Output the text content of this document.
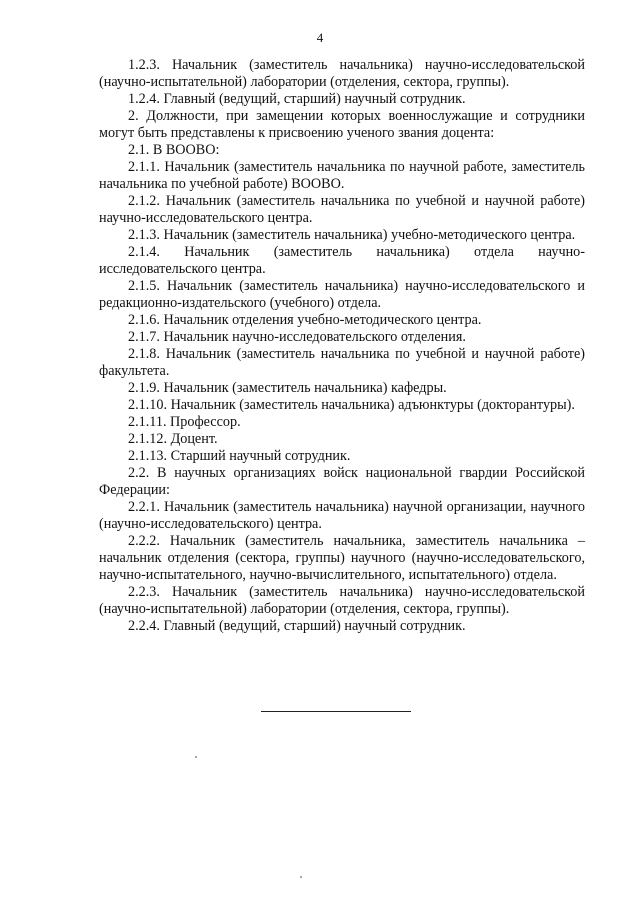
4

1.2.3. Начальник (заместитель начальника) научно-исследовательской (научно-испытательной) лаборатории (отделения, сектора, группы).

1.2.4. Главный (ведущий, старший) научный сотрудник.

2. Должности, при замещении которых военнослужащие и сотрудники могут быть представлены к присвоению ученого звания доцента:

2.1. В ВООВО:

2.1.1. Начальник (заместитель начальника по научной работе, заместитель начальника по учебной работе) ВООВО.

2.1.2. Начальник (заместитель начальника по учебной и научной работе) научно-исследовательского центра.

2.1.3. Начальник (заместитель начальника) учебно-методического центра.

2.1.4. Начальник (заместитель начальника) отдела научно-исследовательского центра.

2.1.5. Начальник (заместитель начальника) научно-исследовательского и редакционно-издательского (учебного) отдела.

2.1.6. Начальник отделения учебно-методического центра.

2.1.7. Начальник научно-исследовательского отделения.

2.1.8. Начальник (заместитель начальника по учебной и научной работе) факультета.

2.1.9. Начальник (заместитель начальника) кафедры.

2.1.10. Начальник (заместитель начальника) адъюнктуры (докторантуры).

2.1.11. Профессор.

2.1.12. Доцент.

2.1.13. Старший научный сотрудник.

2.2. В научных организациях войск национальной гвардии Российской Федерации:

2.2.1. Начальник (заместитель начальника) научной организации, научного (научно-исследовательского) центра.

2.2.2. Начальник (заместитель начальника, заместитель начальника – начальник отделения (сектора, группы) научного (научно-исследовательского, научно-испытательного, научно-вычислительного, испытательного) отдела.

2.2.3. Начальник (заместитель начальника) научно-исследовательской (научно-испытательной) лаборатории (отделения, сектора, группы).

2.2.4. Главный (ведущий, старший) научный сотрудник.
